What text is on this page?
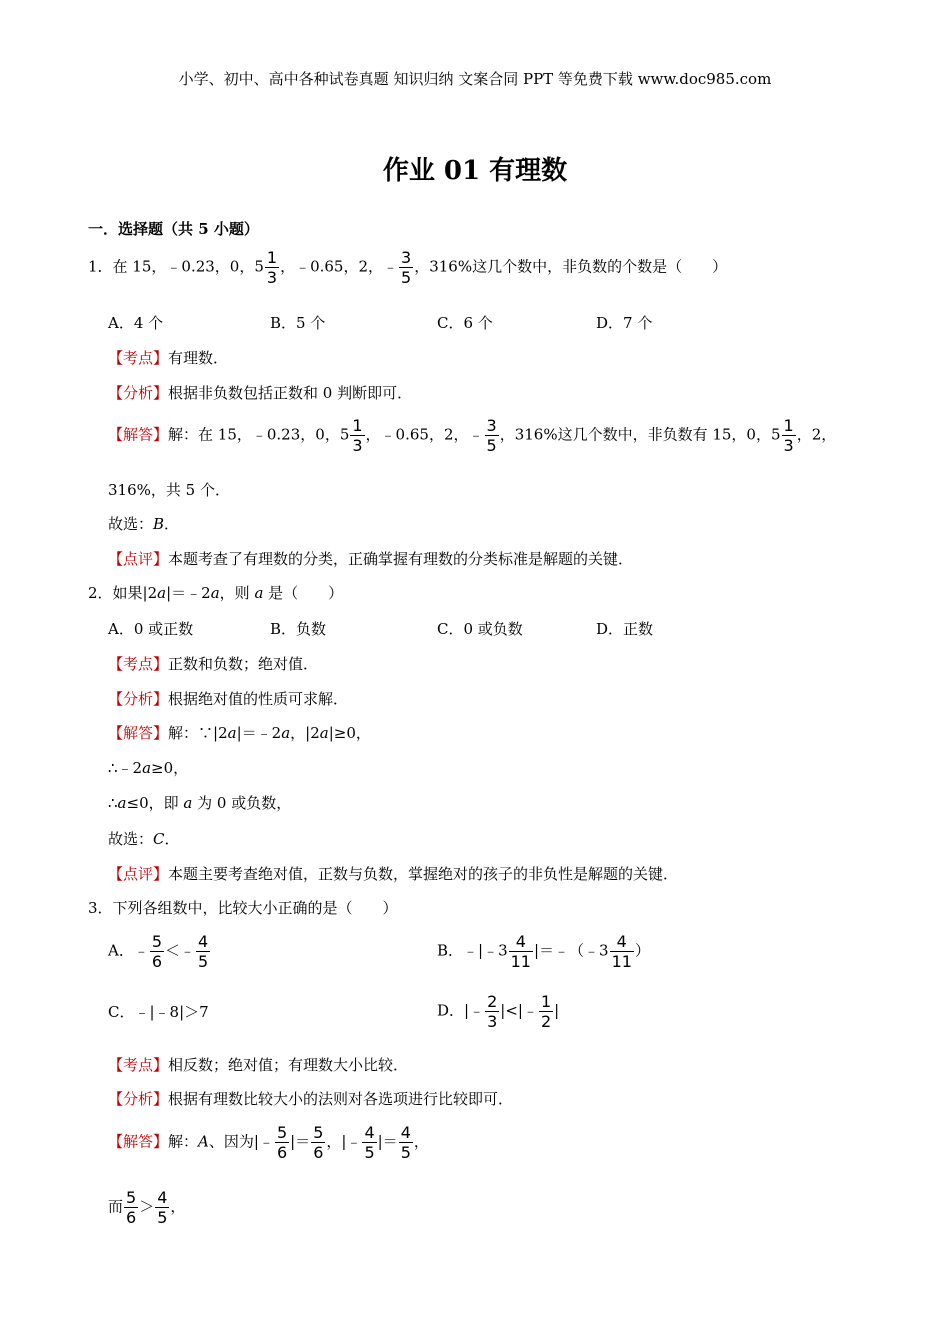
小学、初中、高中各种试卷真题 知识归纳 文案合同 PPT 等免费下载 www.doc985.com
作业 01 有理数
一．选择题（共 5 小题）
1．在 15，﹣0.23，0，$5 \frac{1}{3}$ ，﹣0.65，2，﹣ $\frac{3}{5}$ ，316%这几个数中，非负数的个数是（　　）
A．4 个	B．5 个	C．6 个	D．7 个
【考点】有理数．
【分析】根据非负数包括正数和 0 判断即可．
【解答】解：在 15，﹣0.23，0，$5 \frac{1}{3}$ ，﹣0.65，2，﹣ $\frac{3}{5}$ ，316%这几个数中，非负数有 15，0，$5 \frac{1}{3}$ ，2，
316%，共 5 个．
故选：B．
【点评】本题考查了有理数的分类，正确掌握有理数的分类标准是解题的关键．
2．如果|2a|＝﹣2a，则 a 是（　　）
A．0 或正数	B．负数	C．0 或负数	D．正数
【考点】正数和负数；绝对值．
【分析】根据绝对值的性质可求解．
【解答】解：∵|2a|＝﹣2a，|2a|≥0，
∴﹣2a≥0，
∴a≤0，即 a 为 0 或负数，
故选：C．
【点评】本题主要考查绝对值，正数与负数，掌握绝对的孩子的非负性是解题的关键．
3．下列各组数中，比较大小正确的是（　　）
A．﹣ $\frac{5}{6}$ ＜﹣ $\frac{4}{5}$	B．﹣|﹣3 $\frac{4}{11}$ |＝﹣（﹣3 $\frac{4}{11}$ ）
C．﹣|﹣8|＞7	D．|﹣ $\frac{2}{3}$ |<|﹣ $\frac{1}{2}$ |
【考点】相反数；绝对值；有理数大小比较．
【分析】根据有理数比较大小的法则对各选项进行比较即可．
【解答】解：A、因为|﹣ $\frac{5}{6}$ |＝ $\frac{5}{6}$ ，|﹣ $\frac{4}{5}$ |＝ $\frac{4}{5}$ ，
而 $\frac{5}{6} > \frac{4}{5}$ ，
